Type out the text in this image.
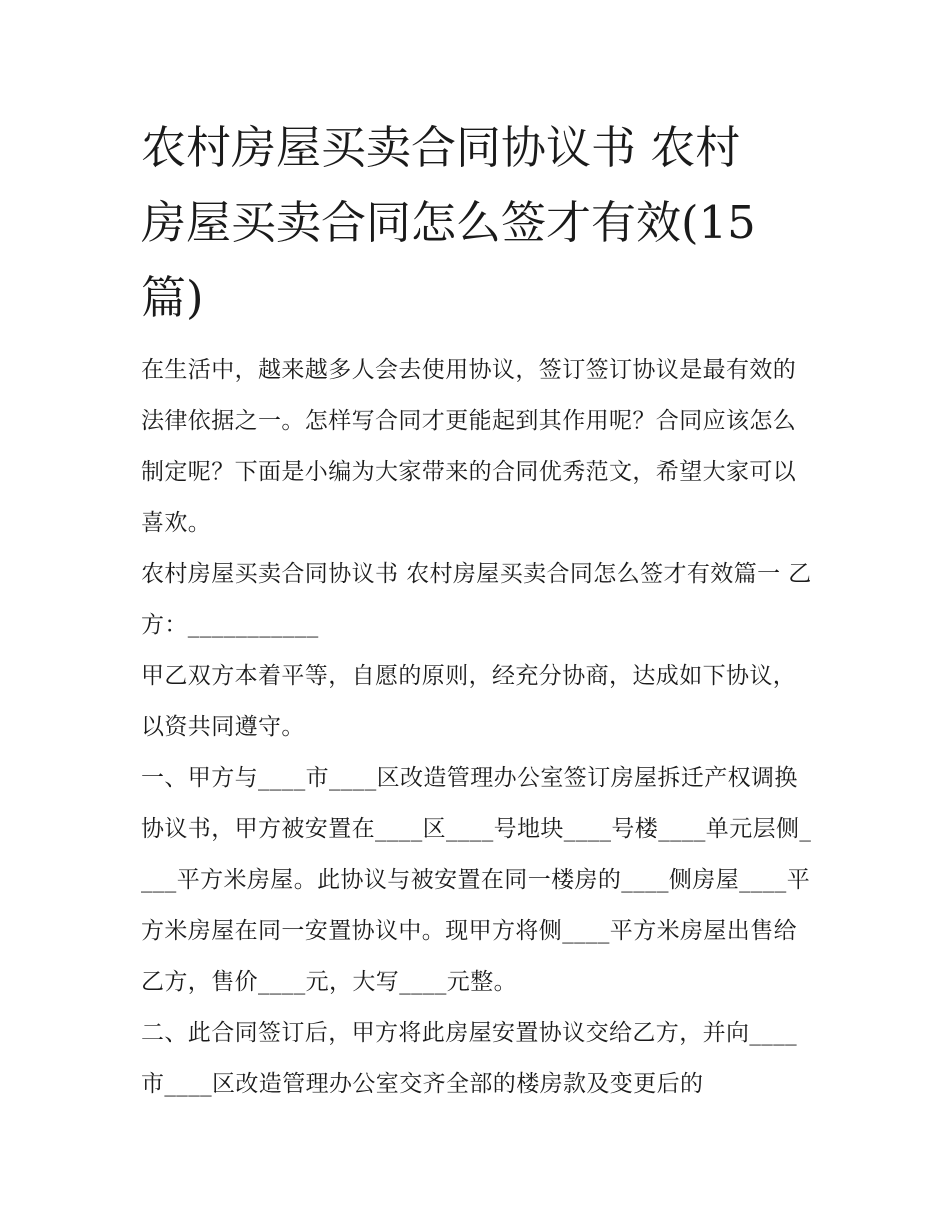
农村房屋买卖合同协议书 农村
房屋买卖合同怎么签才有效(15
篇)

在生活中，越来越多人会去使用协议，签订签订协议是最有效的法律依据之一。怎样写合同才更能起到其作用呢？合同应该怎么制定呢？下面是小编为大家带来的合同优秀范文，希望大家可以喜欢。

农村房屋买卖合同协议书 农村房屋买卖合同怎么签才有效篇一 乙方：___________

甲乙双方本着平等，自愿的原则，经充分协商，达成如下协议，以资共同遵守。

一、甲方与____市____区改造管理办公室签订房屋拆迁产权调换协议书，甲方被安置在____区____号地块____号楼____单元层侧____平方米房屋。此协议与被安置在同一楼房的____侧房屋____平方米房屋在同一安置协议中。现甲方将侧____平方米房屋出售给乙方，售价____元，大写____元整。

二、此合同签订后，甲方将此房屋安置协议交给乙方，并向____市____区改造管理办公室交齐全部的楼房款及变更后的
